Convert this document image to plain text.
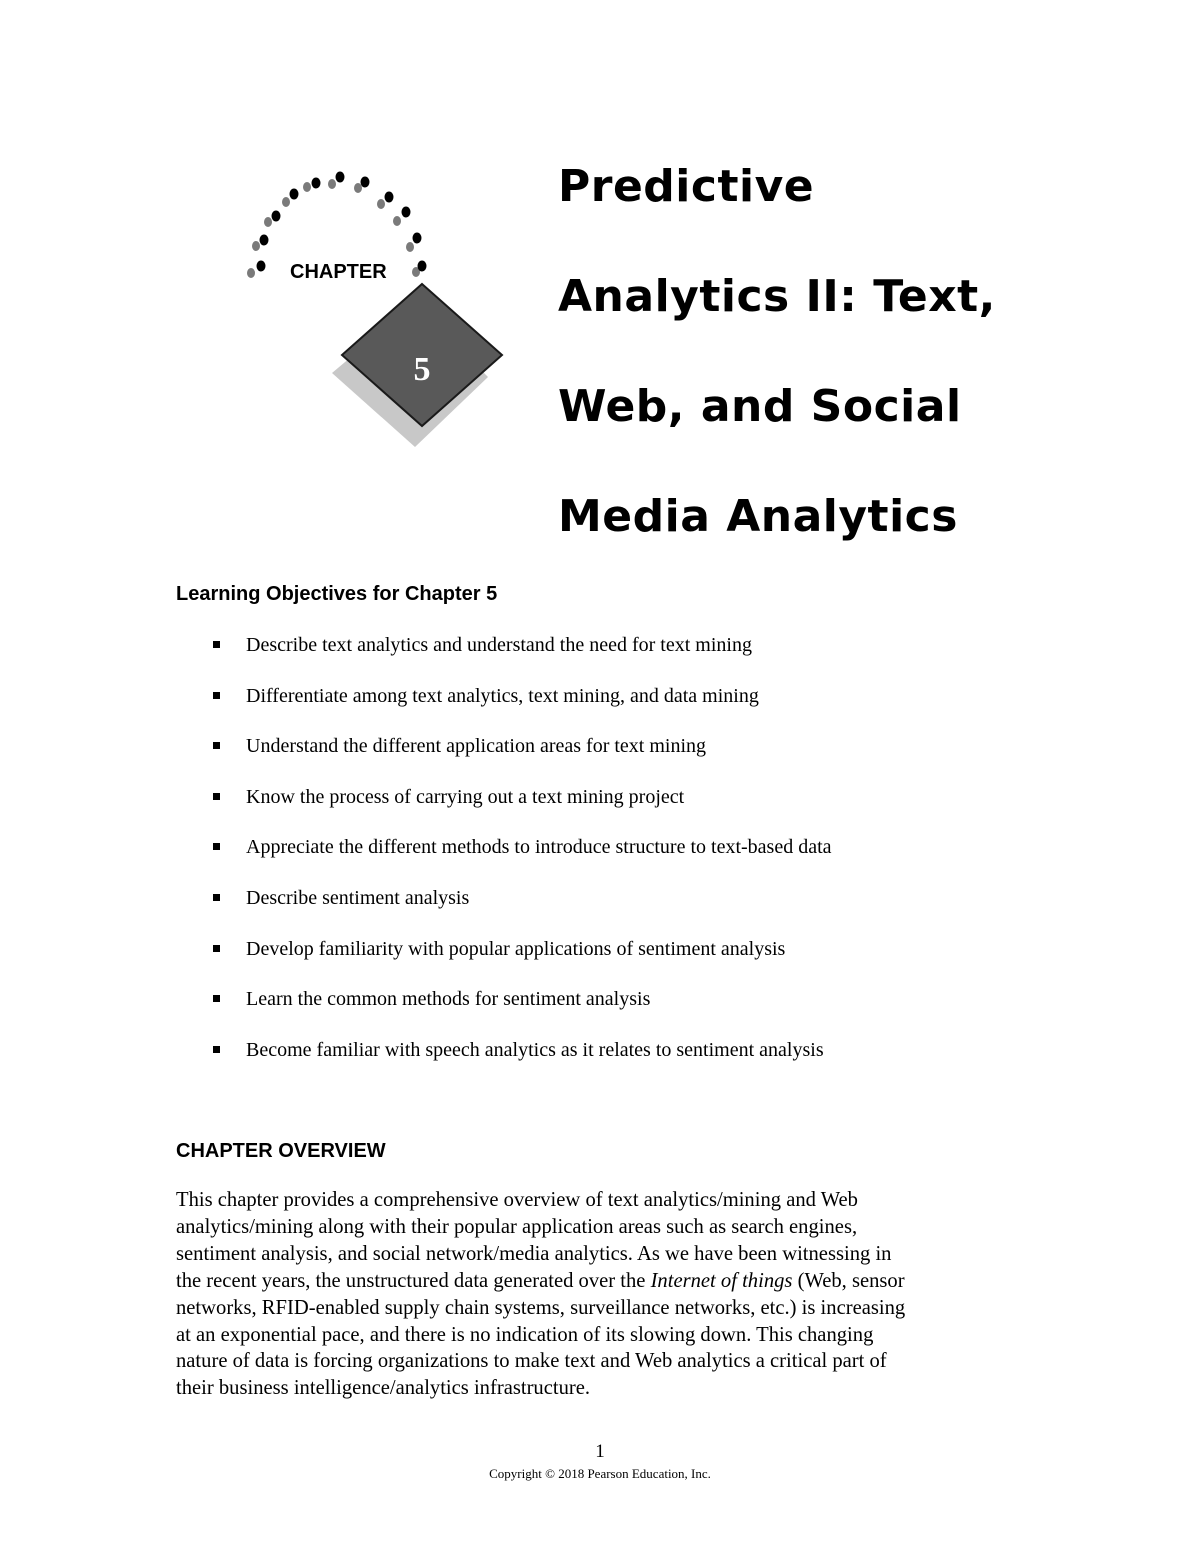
CHAPTER
5
Predictive
Analytics II: Text,
Web, and Social
Media Analytics
Learning Objectives for Chapter 5
Describe text analytics and understand the need for text mining
Differentiate among text analytics, text mining, and data mining
Understand the different application areas for text mining
Know the process of carrying out a text mining project
Appreciate the different methods to introduce structure to text-based data
Describe sentiment analysis
Develop familiarity with popular applications of sentiment analysis
Learn the common methods for sentiment analysis
Become familiar with speech analytics as it relates to sentiment analysis
CHAPTER OVERVIEW

This chapter provides a comprehensive overview of text analytics/mining and Web
analytics/mining along with their popular application areas such as search engines,
sentiment analysis, and social network/media analytics. As we have been witnessing in
the recent years, the unstructured data generated over the Internet of things (Web, sensor
networks, RFID-enabled supply chain systems, surveillance networks, etc.) is increasing
at an exponential pace, and there is no indication of its slowing down. This changing
nature of data is forcing organizations to make text and Web analytics a critical part of
their business intelligence/analytics infrastructure.

1
Copyright © 2018 Pearson Education, Inc.
